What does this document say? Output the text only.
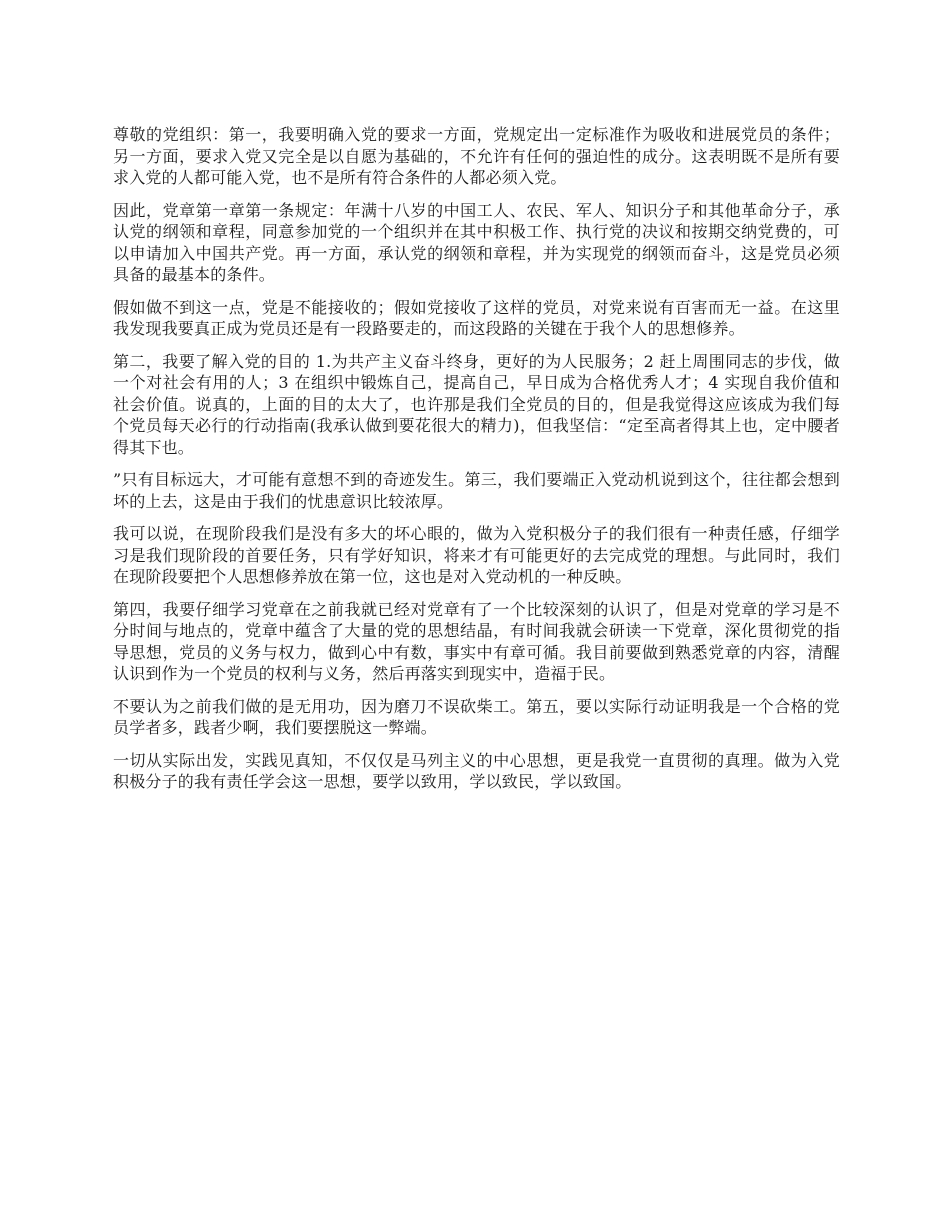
尊敬的党组织：第一，我要明确入党的要求一方面，党规定出一定标准作为吸收和进展党员的条件；另一方面，要求入党又完全是以自愿为基础的，不允许有任何的强迫性的成分。这表明既不是所有要求入党的人都可能入党，也不是所有符合条件的人都必须入党。

因此，党章第一章第一条规定：年满十八岁的中国工人、农民、军人、知识分子和其他革命分子，承认党的纲领和章程，同意参加党的一个组织并在其中积极工作、执行党的决议和按期交纳党费的，可以申请加入中国共产党。再一方面，承认党的纲领和章程，并为实现党的纲领而奋斗，这是党员必须具备的最基本的条件。

假如做不到这一点，党是不能接收的；假如党接收了这样的党员，对党来说有百害而无一益。在这里我发现我要真正成为党员还是有一段路要走的，而这段路的关键在于我个人的思想修养。

第二，我要了解入党的目的 1.为共产主义奋斗终身，更好的为人民服务；2 赶上周围同志的步伐，做一个对社会有用的人；3 在组织中锻炼自己，提高自己，早日成为合格优秀人才；4 实现自我价值和社会价值。说真的，上面的目的太大了，也许那是我们全党员的目的，但是我觉得这应该成为我们每个党员每天必行的行动指南(我承认做到要花很大的精力)，但我坚信：“定至高者得其上也，定中腰者得其下也。

”只有目标远大，才可能有意想不到的奇迹发生。第三，我们要端正入党动机说到这个，往往都会想到坏的上去，这是由于我们的忧患意识比较浓厚。

我可以说，在现阶段我们是没有多大的坏心眼的，做为入党积极分子的我们很有一种责任感，仔细学习是我们现阶段的首要任务，只有学好知识，将来才有可能更好的去完成党的理想。与此同时，我们在现阶段要把个人思想修养放在第一位，这也是对入党动机的一种反映。

第四，我要仔细学习党章在之前我就已经对党章有了一个比较深刻的认识了，但是对党章的学习是不分时间与地点的，党章中蕴含了大量的党的思想结晶，有时间我就会研读一下党章，深化贯彻党的指导思想，党员的义务与权力，做到心中有数，事实中有章可循。我目前要做到熟悉党章的内容，清醒认识到作为一个党员的权利与义务，然后再落实到现实中，造福于民。

不要认为之前我们做的是无用功，因为磨刀不误砍柴工。第五，要以实际行动证明我是一个合格的党员学者多，践者少啊，我们要摆脱这一弊端。

一切从实际出发，实践见真知，不仅仅是马列主义的中心思想，更是我党一直贯彻的真理。做为入党积极分子的我有责任学会这一思想，要学以致用，学以致民，学以致国。
